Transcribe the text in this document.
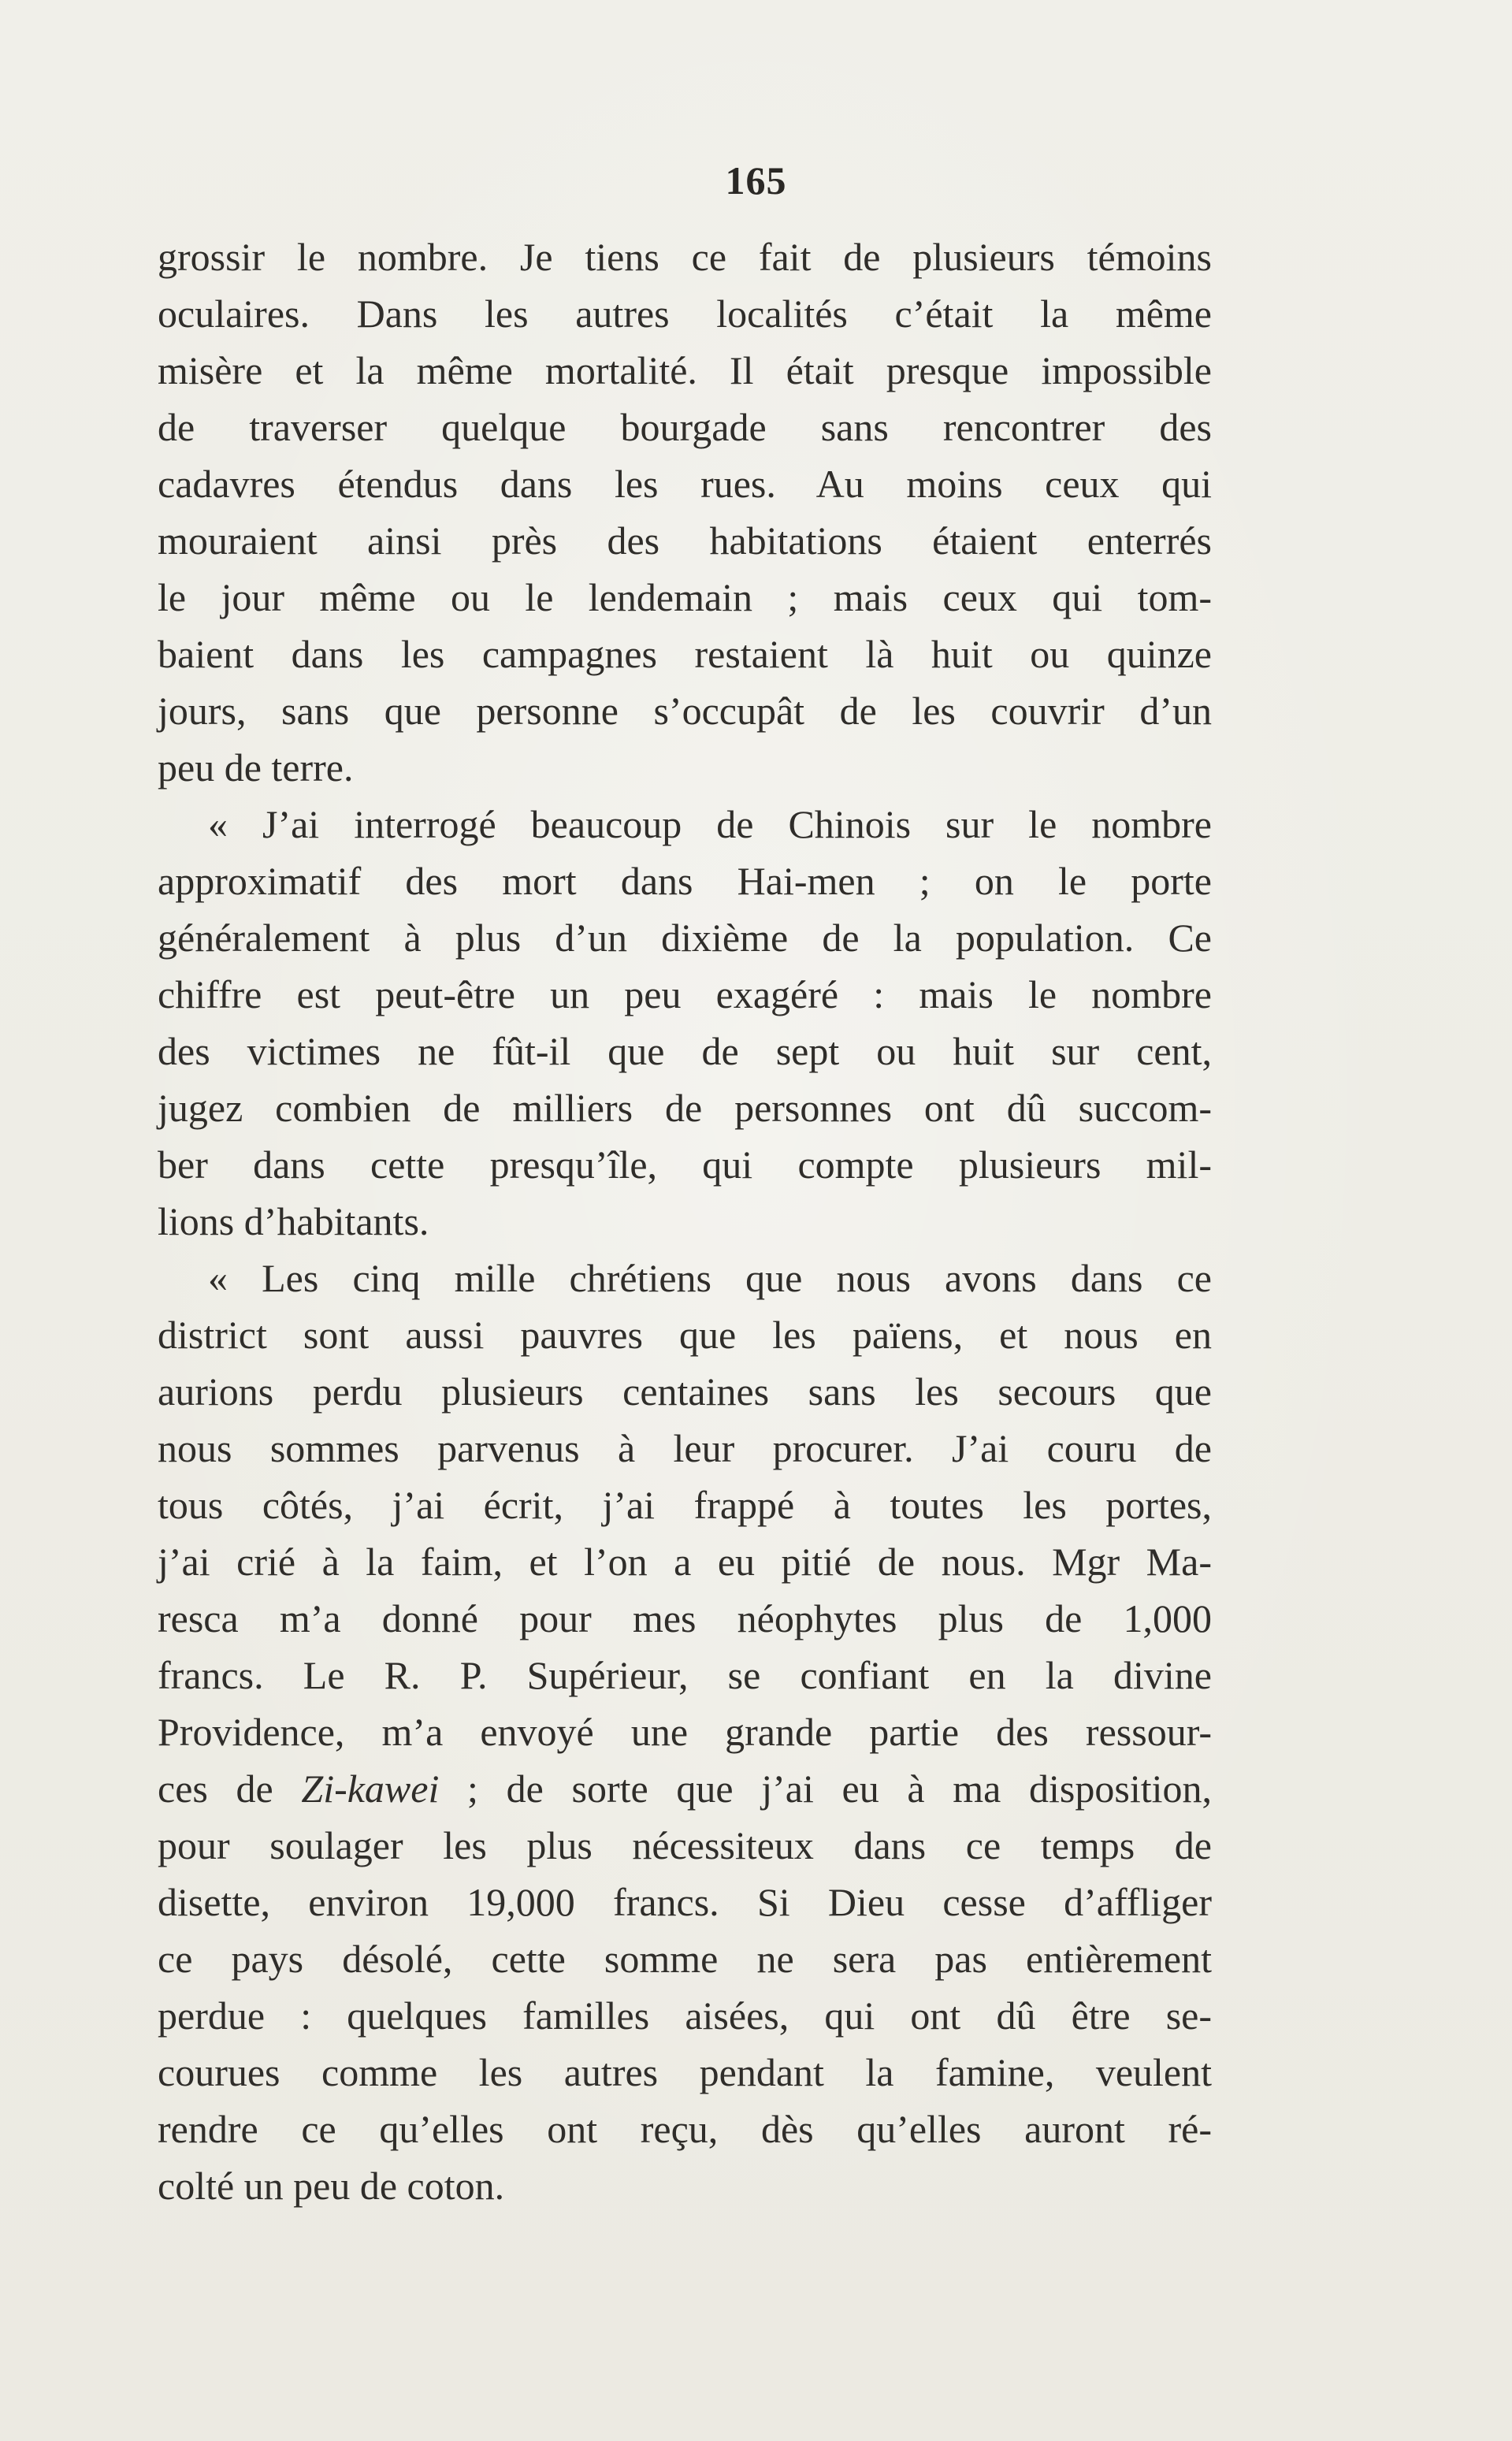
165
grossir le nombre. Je tiens ce fait de plusieurs témoins
oculaires. Dans les autres localités c’était la même
misère et la même mortalité. Il était presque impossible
de traverser quelque bourgade sans rencontrer des
cadavres étendus dans les rues. Au moins ceux qui
mouraient ainsi près des habitations étaient enterrés
le jour même ou le lendemain ; mais ceux qui tom-
baient dans les campagnes restaient là huit ou quinze
jours, sans que personne s’occupât de les couvrir d’un
peu de terre.
« J’ai interrogé beaucoup de Chinois sur le nombre
approximatif des mort dans Hai-men ; on le porte
généralement à plus d’un dixième de la population. Ce
chiffre est peut-être un peu exagéré : mais le nombre
des victimes ne fût-il que de sept ou huit sur cent,
jugez combien de milliers de personnes ont dû succom-
ber dans cette presqu’île, qui compte plusieurs mil-
lions d’habitants.
« Les cinq mille chrétiens que nous avons dans ce
district sont aussi pauvres que les païens, et nous en
aurions perdu plusieurs centaines sans les secours que
nous sommes parvenus à leur procurer. J’ai couru de
tous côtés, j’ai écrit, j’ai frappé à toutes les portes,
j’ai crié à la faim, et l’on a eu pitié de nous. Mgr Ma-
resca m’a donné pour mes néophytes plus de 1,000
francs. Le R. P. Supérieur, se confiant en la divine
Providence, m’a envoyé une grande partie des ressour-
ces de Zi-kawei ; de sorte que j’ai eu à ma disposition,
pour soulager les plus nécessiteux dans ce temps de
disette, environ 19,000 francs. Si Dieu cesse d’affliger
ce pays désolé, cette somme ne sera pas entièrement
perdue : quelques familles aisées, qui ont dû être se-
courues comme les autres pendant la famine, veulent
rendre ce qu’elles ont reçu, dès qu’elles auront ré-
colté un peu de coton.
